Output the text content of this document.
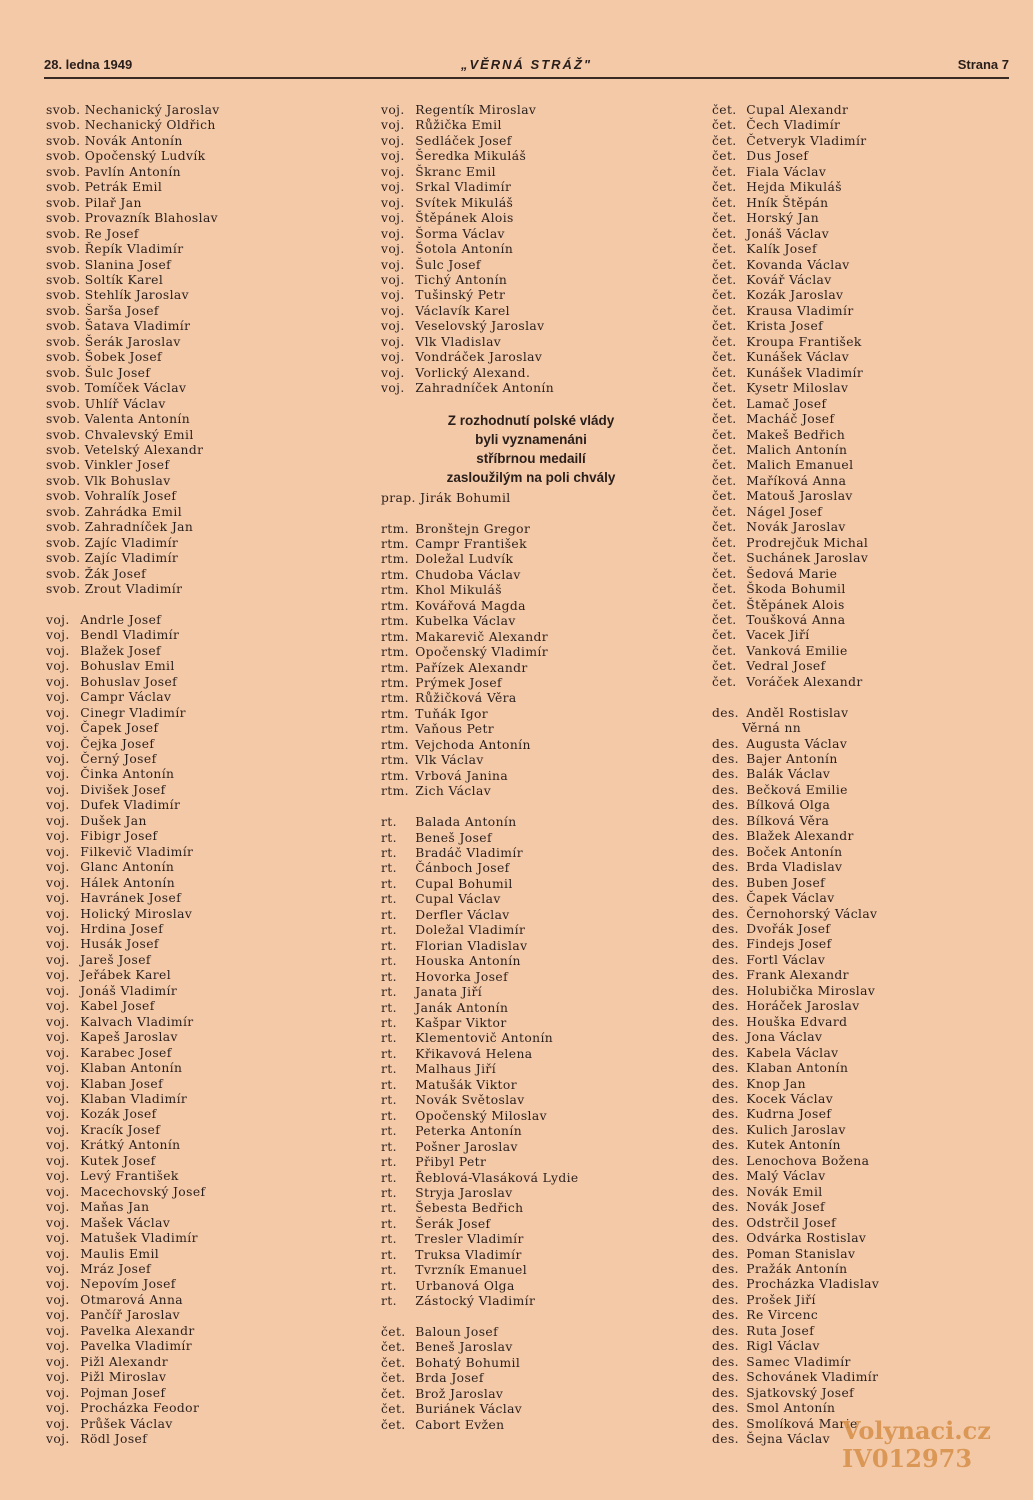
28. ledna 1949	„VĚRNÁ STRÁŽ"	Strana 7
svob. Nechanický Jaroslav
svob. Nechanický Oldřich
svob. Novák Antonín
svob. Opočenský Ludvík
svob. Pavlín Antonín
svob. Petrák Emil
svob. Pilař Jan
svob. Provazník Blahoslav
svob. Re Josef
svob. Řepík Vladimír
svob. Slanina Josef
svob. Soltík Karel
svob. Stehlík Jaroslav
svob. Šarša Josef
svob. Šatava Vladimír
svob. Šerák Jaroslav
svob. Šobek Josef
svob. Šulc Josef
svob. Tomíček Václav
svob. Uhlíř Václav
svob. Valenta Antonín
svob. Chvalevský Emil
svob. Vetelský Alexandr
svob. Vinkler Josef
svob. Vlk Bohuslav
svob. Vohralík Josef
svob. Zahrádka Emil
svob. Zahradníček Jan
svob. Zajíc Vladimír
svob. Zajíc Vladimír
svob. Žák Josef
svob. Zrout Vladimír
voj. Andrle Josef
voj. Bendl Vladimír
voj. Blažek Josef
voj. Bohuslav Emil
voj. Bohuslav Josef
voj. Campr Václav
voj. Cinegr Vladimír
voj. Čapek Josef
voj. Čejka Josef
voj. Černý Josef
voj. Činka Antonín
voj. Divišek Josef
voj. Dufek Vladimír
voj. Dušek Jan
voj. Fibigr Josef
voj. Filkevič Vladimír
voj. Glanc Antonín
voj. Hálek Antonín
voj. Havránek Josef
voj. Holický Miroslav
voj. Hrdina Josef
voj. Husák Josef
voj. Jareš Josef
voj. Jeřábek Karel
voj. Jonáš Vladimír
voj. Kabel Josef
voj. Kalvach Vladimír
voj. Kapeš Jaroslav
voj. Karabec Josef
voj. Klaban Antonín
voj. Klaban Josef
voj. Klaban Vladimír
voj. Kozák Josef
voj. Kracík Josef
voj. Krátký Antonín
voj. Kutek Josef
voj. Levý František
voj. Macechovský Josef
voj. Maňas Jan
voj. Mašek Václav
voj. Matušek Vladimír
voj. Maulis Emil
voj. Mráz Josef
voj. Nepovím Josef
voj. Otmarová Anna
voj. Pančíř Jaroslav
voj. Pavelka Alexandr
voj. Pavelka Vladimír
voj. Pižl Alexandr
voj. Pižl Miroslav
voj. Pojman Josef
voj. Procházka Feodor
voj. Průšek Václav
voj. Rödl Josef
voj. Regentík Miroslav
voj. Růžička Emil
voj. Sedláček Josef
voj. Šeredka Mikuláš
voj. Škranc Emil
voj. Srkal Vladimír
voj. Svítek Mikuláš
voj. Štěpánek Alois
voj. Šorma Václav
voj. Šotola Antonín
voj. Šulc Josef
voj. Tichý Antonín
voj. Tušinský Petr
voj. Václavík Karel
voj. Veselovský Jaroslav
voj. Vlk Vladislav
voj. Vondráček Jaroslav
voj. Vorlický Alexand.
voj. Zahradníček Antonín
Z rozhodnutí polské vlády
byli vyznamenáni
stříbrnou medailí
zasloužilým na poli chvály
prap. Jirák Bohumil
rtm. Bronštejn Gregor
rtm. Campr František
rtm. Doležal Ludvík
rtm. Chudoba Václav
rtm. Khol Mikuláš
rtm. Kovářová Magda
rtm. Kubelka Václav
rtm. Makarevič Alexandr
rtm. Opočenský Vladimír
rtm. Pařízek Alexandr
rtm. Prýmek Josef
rtm. Růžičková Věra
rtm. Tuňák Igor
rtm. Vaňous Petr
rtm. Vejchoda Antonín
rtm. Vlk Václav
rtm. Vrbová Janina
rtm. Zich Václav
rt. Balada Antonín
rt. Beneš Josef
rt. Bradáč Vladimír
rt. Čánboch Josef
rt. Cupal Bohumil
rt. Cupal Václav
rt. Derfler Václav
rt. Doležal Vladimír
rt. Florian Vladislav
rt. Houska Antonín
rt. Hovorka Josef
rt. Janata Jiří
rt. Janák Antonín
rt. Kašpar Viktor
rt. Klementovič Antonín
rt. Křikavová Helena
rt. Malhaus Jiří
rt. Matušák Viktor
rt. Novák Světoslav
rt. Opočenský Miloslav
rt. Peterka Antonín
rt. Pošner Jaroslav
rt. Přibyl Petr
rt. Řeblová-Vlasáková Lydie
rt. Stryja Jaroslav
rt. Šebesta Bedřich
rt. Šerák Josef
rt. Tresler Vladimír
rt. Truksa Vladimír
rt. Tvrzník Emanuel
rt. Urbanová Olga
rt. Zástocký Vladimír
čet. Baloun Josef
čet. Beneš Jaroslav
čet. Bohatý Bohumil
čet. Brda Josef
čet. Brož Jaroslav
čet. Buriánek Václav
čet. Cabort Evžen
čet. Cupal Alexandr
čet. Čech Vladimír
čet. Četveryk Vladimír
čet. Dus Josef
čet. Fiala Václav
čet. Hejda Mikuláš
čet. Hník Štěpán
čet. Horský Jan
čet. Jonáš Václav
čet. Kalík Josef
čet. Kovanda Václav
čet. Kovář Václav
čet. Kozák Jaroslav
čet. Krausa Vladimír
čet. Krista Josef
čet. Kroupa František
čet. Kunášek Václav
čet. Kunášek Vladimír
čet. Kysetr Miloslav
čet. Lamač Josef
čet. Macháč Josef
čet. Makeš Bedřich
čet. Malich Antonín
čet. Malich Emanuel
čet. Maříková Anna
čet. Matouš Jaroslav
čet. Nágel Josef
čet. Novák Jaroslav
čet. Prodrejčuk Michal
čet. Suchánek Jaroslav
čet. Šedová Marie
čet. Škoda Bohumil
čet. Štěpánek Alois
čet. Toušková Anna
čet. Vacek Jiří
čet. Vanková Emilie
čet. Vedral Josef
čet. Voráček Alexandr
des. Anděl Rostislav
Věrná nn
des. Augusta Václav
des. Bajer Antonín
des. Balák Václav
des. Bečková Emilie
des. Bílková Olga
des. Bílková Věra
des. Blažek Alexandr
des. Boček Antonín
des. Brda Vladislav
des. Buben Josef
des. Čapek Václav
des. Černohorský Václav
des. Dvořák Josef
des. Findejs Josef
des. Fortl Václav
des. Frank Alexandr
des. Holubička Miroslav
des. Horáček Jaroslav
des. Houška Edvard
des. Jona Václav
des. Kabela Václav
des. Klaban Antonín
des. Knop Jan
des. Kocek Václav
des. Kudrna Josef
des. Kulich Jaroslav
des. Kutek Antonín
des. Lenochova Božena
des. Malý Václav
des. Novák Emil
des. Novák Josef
des. Odstrčil Josef
des. Odvárka Rostislav
des. Poman Stanislav
des. Pražák Antonín
des. Procházka Vladislav
des. Prošek Jiří
des. Re Vircenc
des. Ruta Josef
des. Rigl Václav
des. Samec Vladimír
des. Schovánek Vladimír
des. Sjatkovský Josef
des. Smol Antonín
des. Smolíková Marie
des. Šejna Václav Volynaci.cz
IV012973
